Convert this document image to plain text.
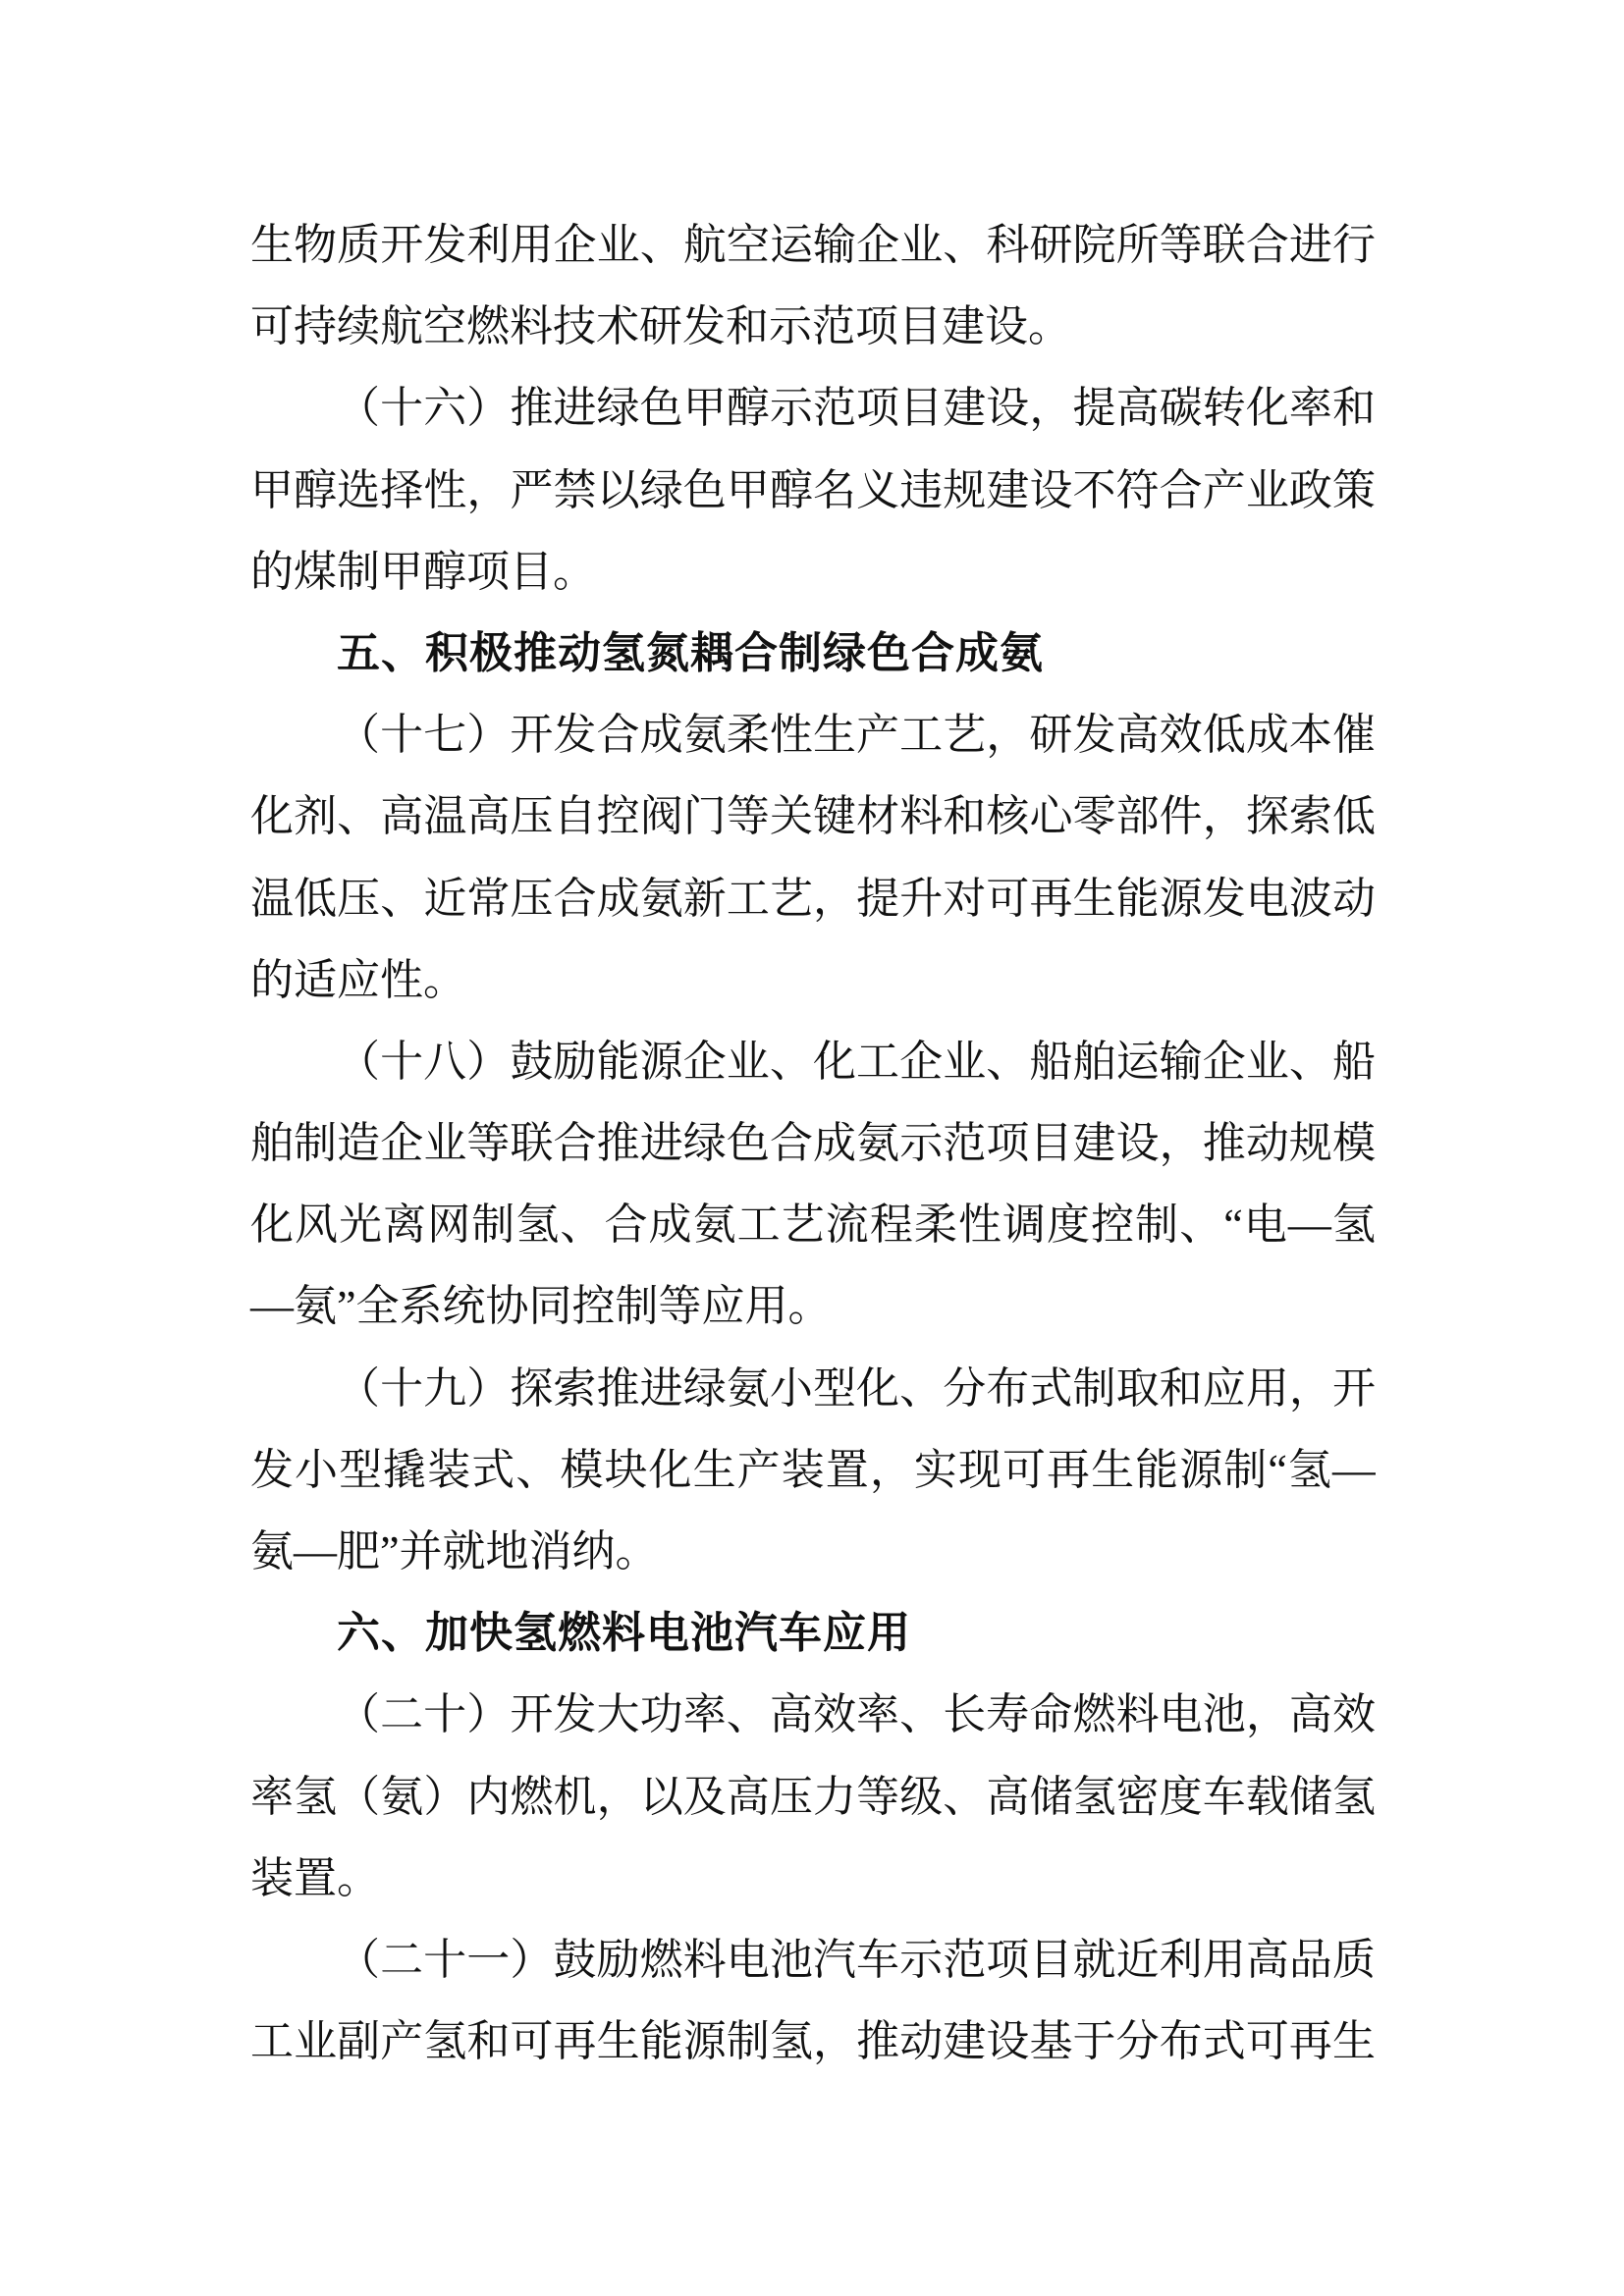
生物质开发利用企业、航空运输企业、科研院所等联合进行
可持续航空燃料技术研发和示范项目建设。
（十六）推进绿色甲醇示范项目建设，提高碳转化率和
甲醇选择性，严禁以绿色甲醇名义违规建设不符合产业政策
的煤制甲醇项目。
五、积极推动氢氮耦合制绿色合成氨
（十七）开发合成氨柔性生产工艺，研发高效低成本催
化剂、高温高压自控阀门等关键材料和核心零部件，探索低
温低压、近常压合成氨新工艺，提升对可再生能源发电波动
的适应性。
（十八）鼓励能源企业、化工企业、船舶运输企业、船
舶制造企业等联合推进绿色合成氨示范项目建设，推动规模
化风光离网制氢、合成氨工艺流程柔性调度控制、“电—氢
—氨”全系统协同控制等应用。
（十九）探索推进绿氨小型化、分布式制取和应用，开
发小型撬装式、模块化生产装置，实现可再生能源制“氢—
氨—肥”并就地消纳。
六、加快氢燃料电池汽车应用
（二十）开发大功率、高效率、长寿命燃料电池，高效
率氢（氨）内燃机，以及高压力等级、高储氢密度车载储氢
装置。
（二十一）鼓励燃料电池汽车示范项目就近利用高品质
工业副产氢和可再生能源制氢，推动建设基于分布式可再生
